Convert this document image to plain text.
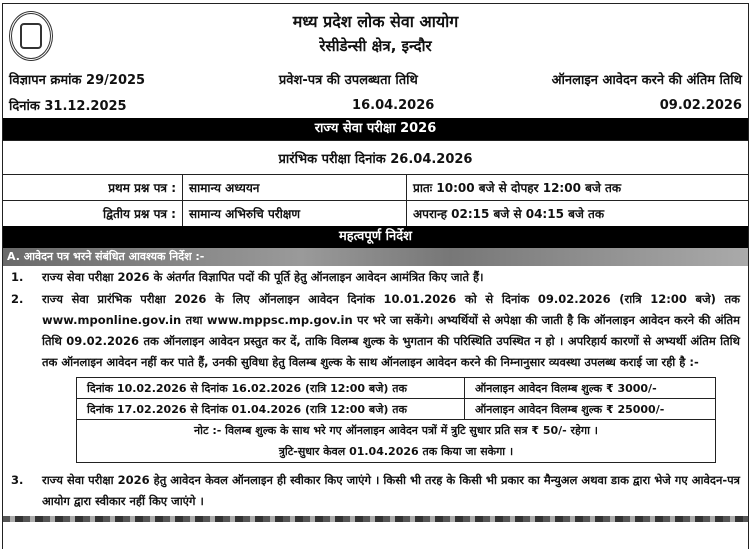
मध्य प्रदेश लोक सेवा आयोग
रेसीडेन्सी क्षेत्र, इन्दौर
विज्ञापन क्रमांक 29/2025	प्रवेश-पत्र की उपलब्धता तिथि	ऑनलाइन आवेदन करने की अंतिम तिथि
दिनांक 31.12.2025	16.04.2026	09.02.2026
राज्य सेवा परीक्षा 2026
प्रारंभिक परीक्षा दिनांक 26.04.2026
प्रथम प्रश्न पत्र :	सामान्य अध्ययन	प्रातः 10:00 बजे से दोपहर 12:00 बजे तक
द्वितीय प्रश्न पत्र :	सामान्य अभिरुचि परीक्षण	अपरान्ह 02:15 बजे से 04:15 बजे तक
महत्वपूर्ण निर्देश
A. आवेदन पत्र भरने संबंधित आवश्यक निर्देश :-
1.	राज्य सेवा परीक्षा 2026 के अंतर्गत विज्ञापित पदों की पूर्ति हेतु ऑनलाइन आवेदन आमंत्रित किए जाते हैं।
2.	राज्य सेवा प्रारंभिक परीक्षा 2026 के लिए ऑनलाइन आवेदन दिनांक 10.01.2026 को से दिनांक 09.02.2026 (रात्रि 12:00 बजे) तक www.mponline.gov.in तथा www.mppsc.mp.gov.in पर भरे जा सकेंगे। अभ्यर्थियों से अपेक्षा की जाती है कि ऑनलाइन आवेदन करने की अंतिम तिथि 09.02.2026 तक ऑनलाइन आवेदन प्रस्तुत कर दें, ताकि विलम्ब शुल्क के भुगतान की परिस्थिति उपस्थित न हो । अपरिहार्य कारणों से अभ्यर्थी अंतिम तिथि तक ऑनलाइन आवेदन नहीं कर पाते हैं, उनकी सुविधा हेतु विलम्ब शुल्क के साथ ऑनलाइन आवेदन करने की निम्नानुसार व्यवस्था उपलब्ध कराई जा रही है :-
दिनांक 10.02.2026 से दिनांक 16.02.2026 (रात्रि 12:00 बजे) तक	ऑनलाइन आवेदन विलम्ब शुल्क ₹ 3000/-
दिनांक 17.02.2026 से दिनांक 01.04.2026 (रात्रि 12:00 बजे) तक	ऑनलाइन आवेदन विलम्ब शुल्क ₹ 25000/-
नोट :- विलम्ब शुल्क के साथ भरे गए ऑनलाइन आवेदन पत्रों में त्रुटि सुधार प्रति सत्र ₹ 50/- रहेगा ।
त्रुटि-सुधार केवल 01.04.2026 तक किया जा सकेगा ।
3.	राज्य सेवा परीक्षा 2026 हेतु आवेदन केवल ऑनलाइन ही स्वीकार किए जाएंगे । किसी भी तरह के किसी भी प्रकार का मैन्युअल अथवा डाक द्वारा भेजे गए आवेदन-पत्र आयोग द्वारा स्वीकार नहीं किए जाएंगे ।
